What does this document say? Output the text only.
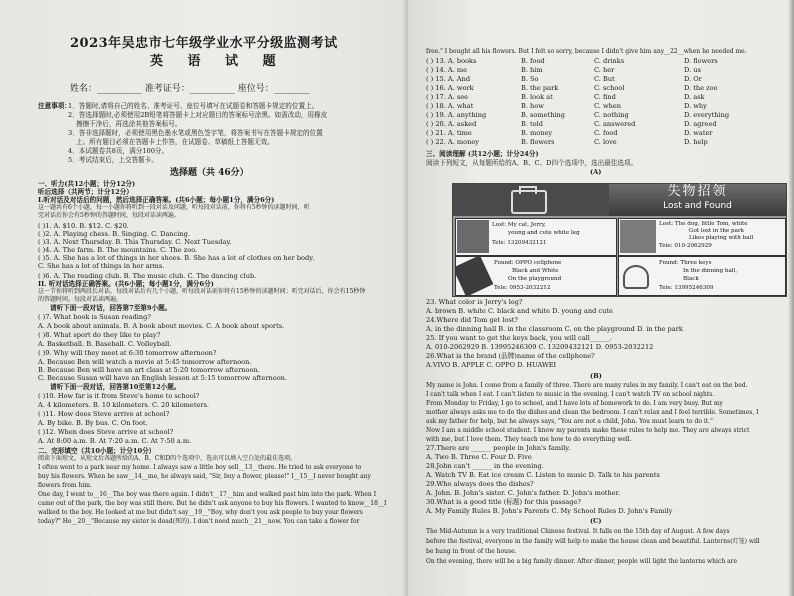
2023年吴忠市七年级学业水平分级监测考试
英 语 试 题
姓名：__________ 准考证号：__________ 座位号：________
注意事项：
1．答题时,请将自己的姓名、准考证号、座位号填写在试题卷和答题卡规定的位置上。
2．答选择题时,必须使用2B铅笔将答题卡上对应题目的答案标号涂黑。如需改动，用橡皮
擦擦干净后，再选涂其他答案标号。
3．答非选择题时，必须使用黑色墨水笔或黑色签字笔，将答案书写在答题卡规定的位置
上。所有题目必须在答题卡上作答，在试题卷、草稿纸上答题无效。
4．本试题卷共8页，满分100分。
5．考试结束后，上交答题卡。
选择题（共 46分）
一、听力(共12小题；计分12分)
听后选择（共两节；计分12分）
I.听对话及对话后的问题，然后选择正确答案。(共6小题；每小题1分，满分6分)
这一题共有6个小题，每一小题你将听到一段对话及问题，听每段对话前，你将有5秒钟的读题时间，听
完对话后你会有5秒钟的答题时间，每段对话读两遍。
( )1. A. $10. B. $12. C. $20.
( )2. A. Playing chess. B. Singing. C. Dancing.
( )3. A. Next Thursday. B. This Thursday. C. Next Tuesday.
( )4. A. The farm. B. The mountains. C. The zoo.
( )5. A. She has a lot of things in her shoes. B. She has a lot of clothes on her body.
C. She has a lot of things in her arms.
( )6. A. The reading club. B. The music club. C. The dancing club.
II. 听对话选择正确答案。(共6小题；每小题1分，满分6分)
这一节你将听到两段长对话，每段对话后有几个小题，听每段对话前你将有15秒钟的读题时间；听完对话后，你会有15秒钟
的答题时间。每段对话读两遍。
请听下面一段对话，回答第7至第9小题。
( )7. What book is Susan reading?
A. A book about animals. B. A book about movies. C. A book about sports.
( )8. What sport do they like to play?
A. Basketball. B. Baseball. C. Volleyball.
( )9. Why will they meet at 6:30 tomorrow afternoon?
A. Because Ben will watch a movie at 5:45 tomorrow afternoon.
B. Because Ben will have an art class at 5:20 tomorrow afternoon.
C. Because Susan will have an English lesson at 5:15 tomorrow afternoon.
请听下面一段对话，回答第10至第12小题。
( )10. How far is it from Steve's home to school?
A. 4 kilometers. B. 10 kilometers. C. 20 kilometers.
( )11. How does Steve arrive at school?
A. By bike. B. By bus. C. On foot.
( )12. When does Steve arrive at school?
A. At 8:00 a.m. B. At 7:20 a.m. C. At 7:50 a.m.
二、完形填空（共10小题；计分10分）
阅读下面短文，从短文后各题所给的A、B、C和D四个选项中，选出可以填入空白处的最佳选项。
I often went to a park near my home. I always saw a little boy sell__13__there. He tried to ask everyone to
buy his flowers. When he saw__14__me, he always said, "Sir, buy a flower, please!" I__15__I never bought any
flowers from him.
One day, I went to__16__The boy was there again. I didn't__17__him and walked past him into the park. When I
came out of the park, the boy was still there. But he didn't ask anyone to buy his flowers. I wanted to know__18__I
walked to the boy. He looked at me but didn't say__19__"Boy, why don't you ask people to buy your flowers
today?" He__20__"Because my sister is dead(死的). I don't need much__21__now. You can take a flower for
free." I bought all his flowers. But I felt so sorry, because I didn't give him any__22__when he needed me.
( ) 13. A. books	B. food	C. drinks	D. flowers
( ) 14. A. me	B. him	C. her	D. us
( ) 15. A. And	B. So	C. But	D. Or
( ) 16. A. work	B. the park	C. school	D. the zoo
( ) 17. A. see	B. look at	C. find	D. ask
( ) 18. A. what	B. how	C. when	D. why
( ) 19. A. anything	B. something	C. nothing	D. everything
( ) 20. A. asked	B. told	C. answered	D. agreed
( ) 21. A. time	B. money	C. food	D. water
( ) 22. A. money	B. flowers	C. love	D. help
三、阅读理解 (共12小题；计分24分)
阅读下列短文，从每题所给的A、B、C、D四个选项中，选出最佳选项。
(A)
失物招领
Lost and Found
Lost: My cat, Jerry,
young and cute white leg
Tele: 13209432121
Lost: The dog, little Tom, white
Got lost in the park
Likes playing with ball
Tele: 010-2062929
Found: OPPO cellphone
Black and White
On the playground
Tele: 0953-2032212
Found: Three keys
In the dinning hall,
Black
Tele: 13995246309
23. What color is Jerry's leg?
A. brown B. white C. black and white D. young and cute
24.Where did Tom get lost?
A. in the dinning hall B. in the classroom C. on the playground D. in the park
25. If you want to get the keys back, you will call______.
A. 010-2062929 B. 13995246309 C. 13209432121 D. 0953-2032212
26.What is the brand (品牌)name of the cellphone?
A.VIVO B. APPLE C. OPPO D. HUAWEI
(B)
My name is John. I come from a family of three. There are many rules in my family. I can't eat on the bed.
I can't talk when I eat. I can't listen to music in the evening. I can't watch TV on school nights.
From Monday to Friday, I go to school, and I have lots of homework to do. I am very busy. But my
mother always asks me to do the dishes and clean the bedroom. I can't relax and I feel terrible. Sometimes, I
ask my father for help, but he always says, "You are not a child, John. You must learn to do it."
Now I am a middle school student. I know my parents make these rules to help me. They are always strict
with me, but I love them. They teach me how to do everything well.
27.There are ______ people in John's family.
A. Two B. Three C. Four D. Five
28.John can't ______ in the evening.
A. Watch TV B. Eat ice cream C. Listen to music D. Talk to his parents
29.Who always does the dishes?
A. John. B. John's sister. C. John's father. D. John's mother.
30.What is a good title (标题) for this passage?
A. My Family Rules B. John's Parents C. My School Rules D. John's Family
(C)
The Mid-Autumn is a very traditional Chinese festival. It falls on the 15th day of August. A few days
before the festival, everyone in the family will help to make the house clean and beautiful. Lanterns(灯笼) will
be hung in front of the house.
On the evening, there will be a big family dinner. After dinner, people will light the lanterns which are
